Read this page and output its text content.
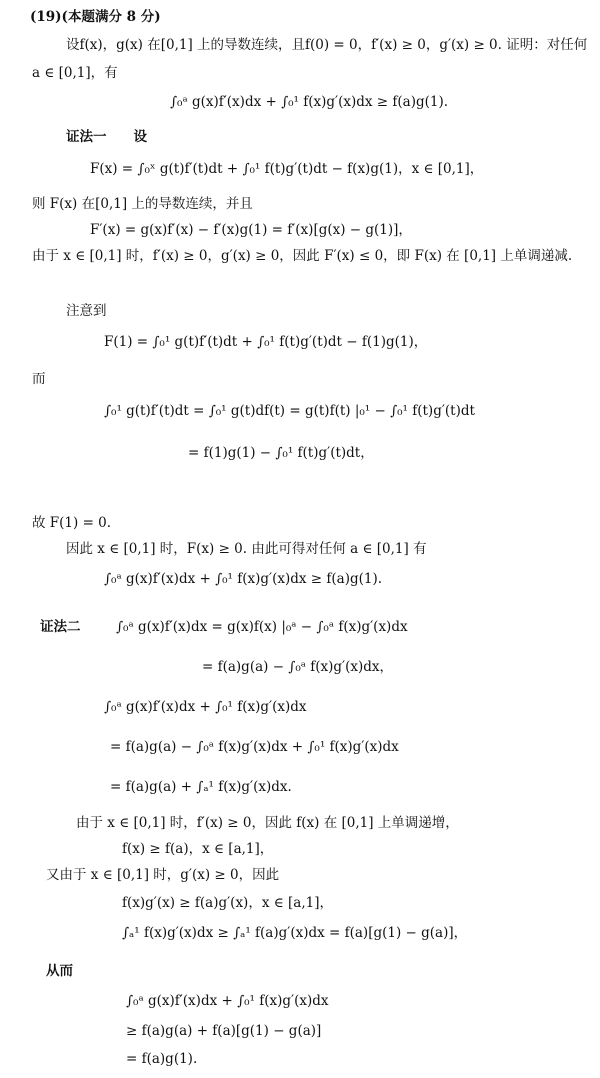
(19)(本题满分 8 分)
设f(x)，g(x) 在[0,1] 上的导数连续，且f(0) = 0，f′(x) ≥ 0，g′(x) ≥ 0. 证明：对任何
a ∈ [0,1]，有
∫₀ᵃ g(x)f′(x)dx + ∫₀¹ f(x)g′(x)dx ≥ f(a)g(1).
证法一　　设
F(x) = ∫₀ˣ g(t)f′(t)dt + ∫₀¹ f(t)g′(t)dt − f(x)g(1)，x ∈ [0,1]，
则 F(x) 在[0,1] 上的导数连续，并且
F′(x) = g(x)f′(x) − f′(x)g(1) = f′(x)[g(x) − g(1)]，
由于 x ∈ [0,1] 时，f′(x) ≥ 0，g′(x) ≥ 0，因此 F′(x) ≤ 0，即 F(x) 在 [0,1] 上单调递减.
注意到
F(1) = ∫₀¹ g(t)f′(t)dt + ∫₀¹ f(t)g′(t)dt − f(1)g(1)，
而
∫₀¹ g(t)f′(t)dt = ∫₀¹ g(t)df(t) = g(t)f(t) |₀¹ − ∫₀¹ f(t)g′(t)dt
= f(1)g(1) − ∫₀¹ f(t)g′(t)dt，
故 F(1) = 0.
因此 x ∈ [0,1] 时，F(x) ≥ 0. 由此可得对任何 a ∈ [0,1] 有
∫₀ᵃ g(x)f′(x)dx + ∫₀¹ f(x)g′(x)dx ≥ f(a)g(1).
证法二	∫₀ᵃ g(x)f′(x)dx = g(x)f(x) |₀ᵃ − ∫₀ᵃ f(x)g′(x)dx
= f(a)g(a) − ∫₀ᵃ f(x)g′(x)dx，
∫₀ᵃ g(x)f′(x)dx + ∫₀¹ f(x)g′(x)dx
= f(a)g(a) − ∫₀ᵃ f(x)g′(x)dx + ∫₀¹ f(x)g′(x)dx
= f(a)g(a) + ∫ₐ¹ f(x)g′(x)dx.
由于 x ∈ [0,1] 时，f′(x) ≥ 0，因此 f(x) 在 [0,1] 上单调递增，
f(x) ≥ f(a)，x ∈ [a,1]，
又由于 x ∈ [0,1] 时，g′(x) ≥ 0，因此
f(x)g′(x) ≥ f(a)g′(x)，x ∈ [a,1]，
∫ₐ¹ f(x)g′(x)dx ≥ ∫ₐ¹ f(a)g′(x)dx = f(a)[g(1) − g(a)]，
从而
∫₀ᵃ g(x)f′(x)dx + ∫₀¹ f(x)g′(x)dx
≥ f(a)g(a) + f(a)[g(1) − g(a)]
= f(a)g(1).
